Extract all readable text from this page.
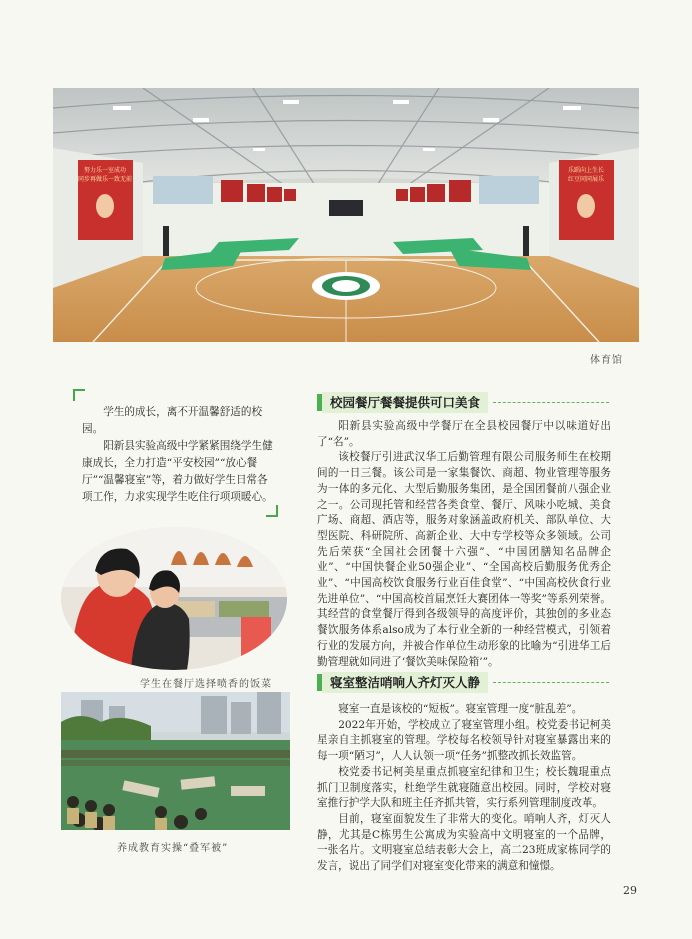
努力乐一室成功
同步再做乐一致无前
乐蹈向上生长
红豆同同展乐
体育馆

学生的成长，离不开温馨舒适的校园。

阳新县实验高级中学紧紧围绕学生健康成长，全力打造“平安校园”“放心餐厅”“温馨寝室”等，着力做好学生日常各项工作，力求实现学生吃住行项项暖心。

学生在餐厅选择喷香的饭菜
养成教育实操“叠军被”
校园餐厅餐餐提供可口美食

阳新县实验高级中学餐厅在全县校园餐厅中以味道好出了“名”。

该校餐厅引进武汉华工后勤管理有限公司服务师生在校期间的一日三餐。该公司是一家集餐饮、商超、物业管理等服务为一体的多元化、大型后勤服务集团，是全国团餐前八强企业之一。公司现托管和经营各类食堂、餐厅、风味小吃城、美食广场、商超、酒店等，服务对象涵盖政府机关、部队单位、大型医院、科研院所、高新企业、大中专学校等众多领域。公司先后荣获“全国社会团餐十六强”、“中国团膳知名品牌企业”、“中国快餐企业50强企业”、“全国高校后勤服务优秀企业”、“中国高校饮食服务行业百佳食堂”、“中国高校伙食行业先进单位”、“中国高校首届烹饪大赛团体一等奖”等系列荣誉。其经营的食堂餐厅得到各级领导的高度评价，其独创的多业态餐饮服务体系also成为了本行业全新的一种经营模式，引领着行业的发展方向，并被合作单位生动形象的比喻为“引进华工后勤管理就如同进了‘餐饮美味保险箱’”。

寝室整洁哨响人齐灯灭人静

寝室一直是该校的“短板”。寝室管理一度“脏乱差”。

2022年开始，学校成立了寝室管理小组。校党委书记柯美星亲自主抓寝室的管理。学校每名校领导针对寝室暴露出来的每一项“陋习”，人人认领一项“任务”抓整改抓长效监管。

校党委书记柯美星重点抓寝室纪律和卫生；校长魏琨重点抓门卫制度落实，杜绝学生就寝随意出校园。同时，学校对寝室推行护学大队和班主任齐抓共管，实行系列管理制度改革。

目前，寝室面貌发生了非常大的变化。哨响人齐，灯灭人静，尤其是C栋男生公寓成为实验高中文明寝室的一个品牌，一张名片。文明寝室总结表彰大会上，高二23班成家栋同学的发言，说出了同学们对寝室变化带来的满意和憧憬。

29
